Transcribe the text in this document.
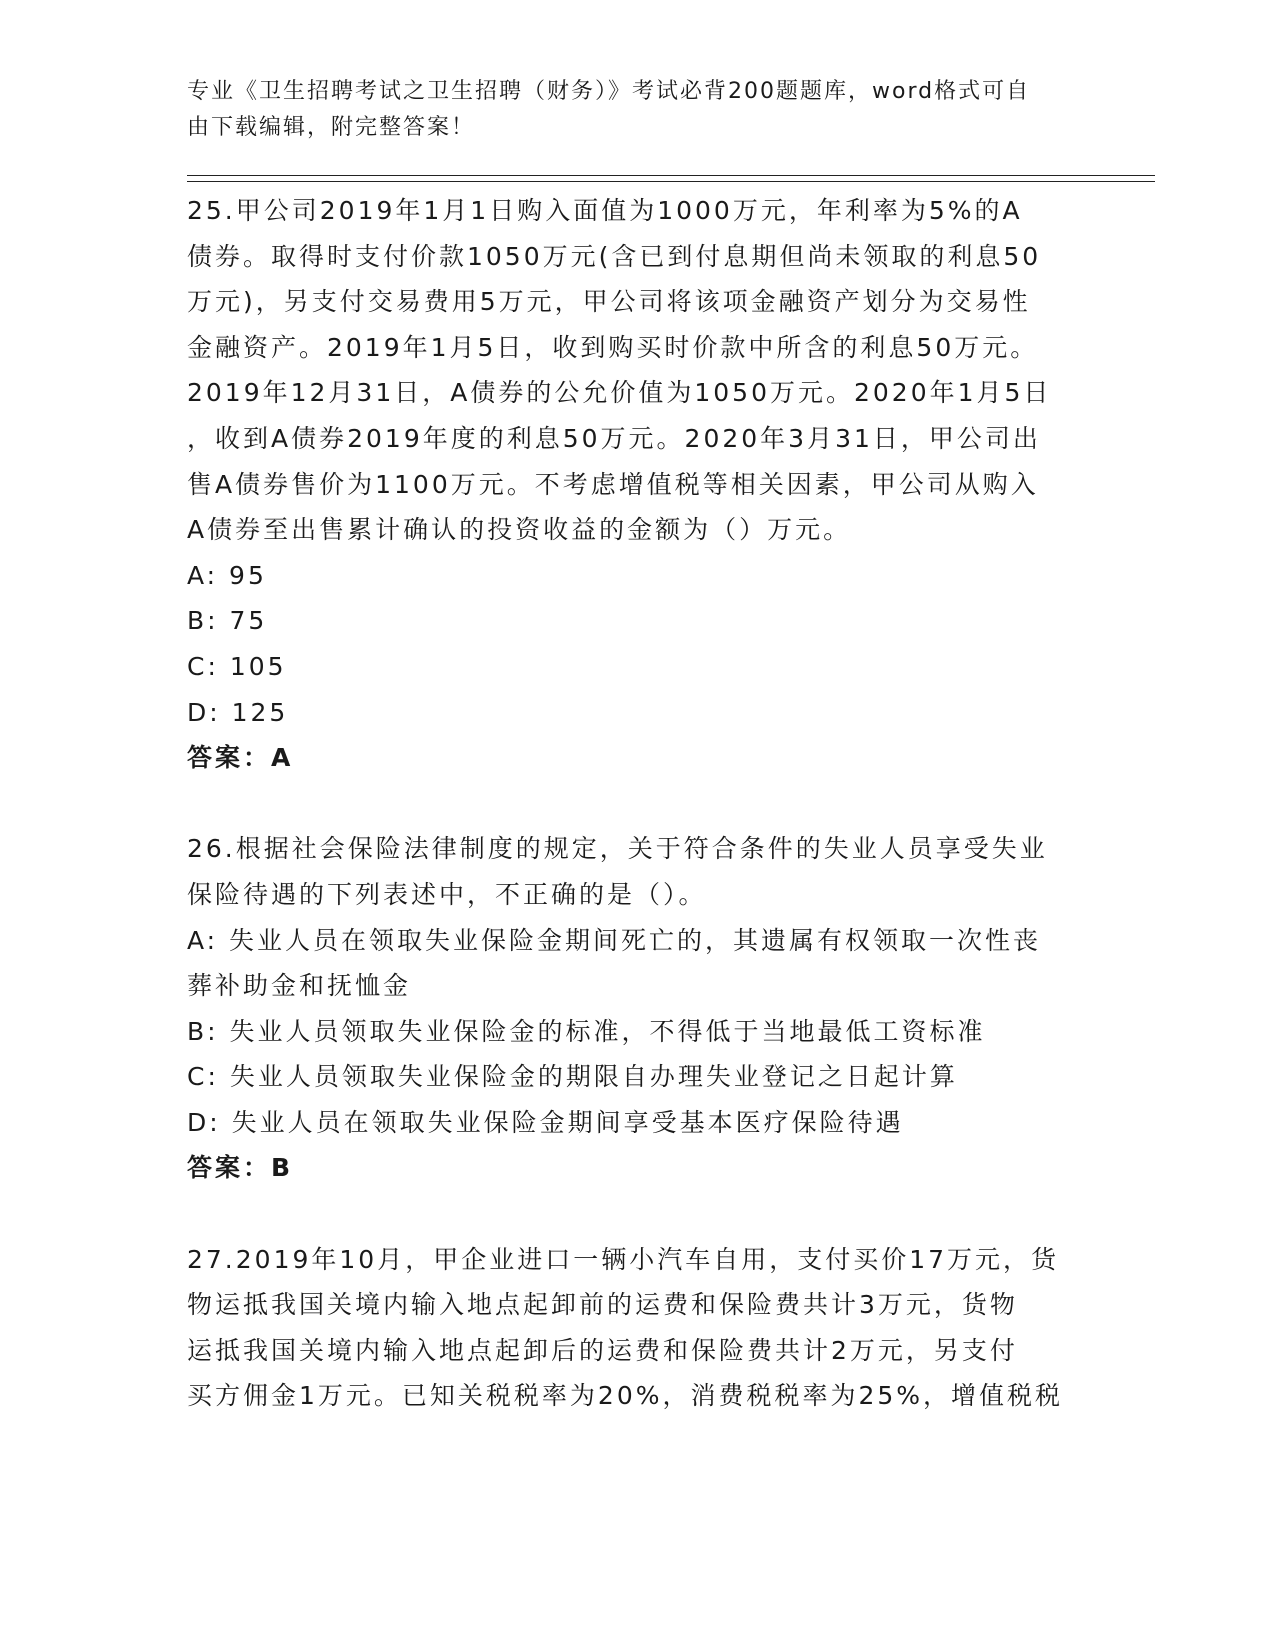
专业《卫生招聘考试之卫生招聘（财务）》考试必背200题题库，word格式可自
由下载编辑，附完整答案！
25.甲公司2019年1月1日购入面值为1000万元，年利率为5%的A
债券。取得时支付价款1050万元(含已到付息期但尚未领取的利息50
万元)，另支付交易费用5万元，甲公司将该项金融资产划分为交易性
金融资产。2019年1月5日，收到购买时价款中所含的利息50万元。
2019年12月31日，A债券的公允价值为1050万元。2020年1月5日
，收到A债券2019年度的利息50万元。2020年3月31日，甲公司出
售A债券售价为1100万元。不考虑增值税等相关因素，甲公司从购入
A债券至出售累计确认的投资收益的金额为（）万元。
A: 95
B: 75
C: 105
D: 125
答案：A
26.根据社会保险法律制度的规定，关于符合条件的失业人员享受失业
保险待遇的下列表述中，不正确的是（）。
A: 失业人员在领取失业保险金期间死亡的，其遗属有权领取一次性丧
葬补助金和抚恤金
B: 失业人员领取失业保险金的标准，不得低于当地最低工资标准
C: 失业人员领取失业保险金的期限自办理失业登记之日起计算
D: 失业人员在领取失业保险金期间享受基本医疗保险待遇
答案：B
27.2019年10月，甲企业进口一辆小汽车自用，支付买价17万元，货
物运抵我国关境内输入地点起卸前的运费和保险费共计3万元，货物
运抵我国关境内输入地点起卸后的运费和保险费共计2万元，另支付
买方佣金1万元。已知关税税率为20%，消费税税率为25%，增值税税
